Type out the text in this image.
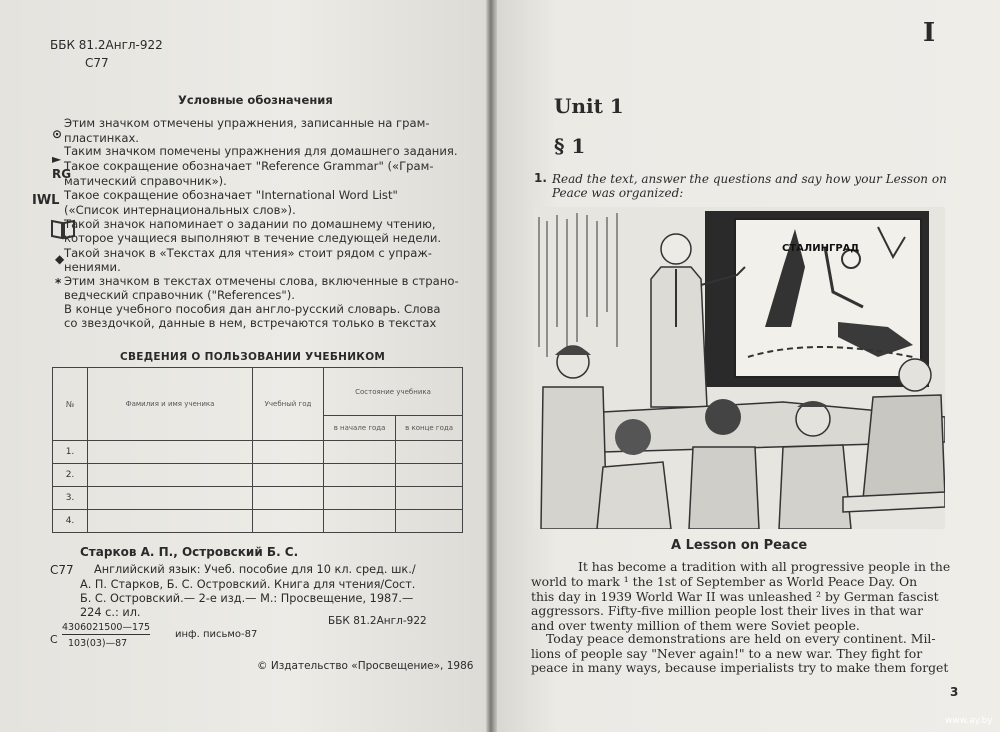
ББК 81.2Англ-922
С77
Условные обозначения
⊙
►
RG
IWL
◆
*
Этим значком отмечены упражнения, записанные на грам-
пластинках.
Таким значком помечены упражнения для домашнего задания.
Такое сокращение обозначает "Reference Grammar" («Грам-
матический справочник»).
Такое сокращение обозначает "International Word List"
(«Список интернациональных слов»).
Такой значок напоминает о задании по домашнему чтению,
которое учащиеся выполняют в течение следующей недели.
Такой значок в «Текстах для чтения» стоит рядом с упраж-
нениями.
Этим значком в текстах отмечены слова, включенные в страно-
ведческий справочник ("References").
В конце учебного пособия дан англо-русский словарь. Слова
со звездочкой, данные в нем, встречаются только в текстах
СВЕДЕНИЯ О ПОЛЬЗОВАНИИ УЧЕБНИКОМ
№	Фамилия и имя ученика	Учебный год	Состояние учебника	
			в начале года	в конце года
1.				
2.				
3.				
4.				
Старков А. П., Островский Б. С.
С77 Английский язык: Учеб. пособие для 10 кл. сред. шк./
А. П. Старков, Б. С. Островский. Книга для чтения/Сост.
Б. С. Островский.— 2-е изд.— М.: Просвещение, 1987.—
224 с.: ил.
С
4306021500—175
103(03)—87
инф. письмо-87
ББК 81.2Англ-922
© Издательство «Просвещение», 1986
I
Unit 1
§ 1
1. Read the text, answer the questions and say how your Lesson on
Peace was organized:
СТАЛИНГРАД
A Lesson on Peace
It has become a tradition with all progressive people in the
world to mark ¹ the 1st of September as World Peace Day. On
this day in 1939 World War II was unleashed ² by German fascist
aggressors. Fifty-five million people lost their lives in that war
and over twenty million of them were Soviet people.
Today peace demonstrations are held on every continent. Mil-
lions of people say "Never again!" to a new war. They fight for
peace in many ways, because imperialists try to make them forget
3
www.ay.by
